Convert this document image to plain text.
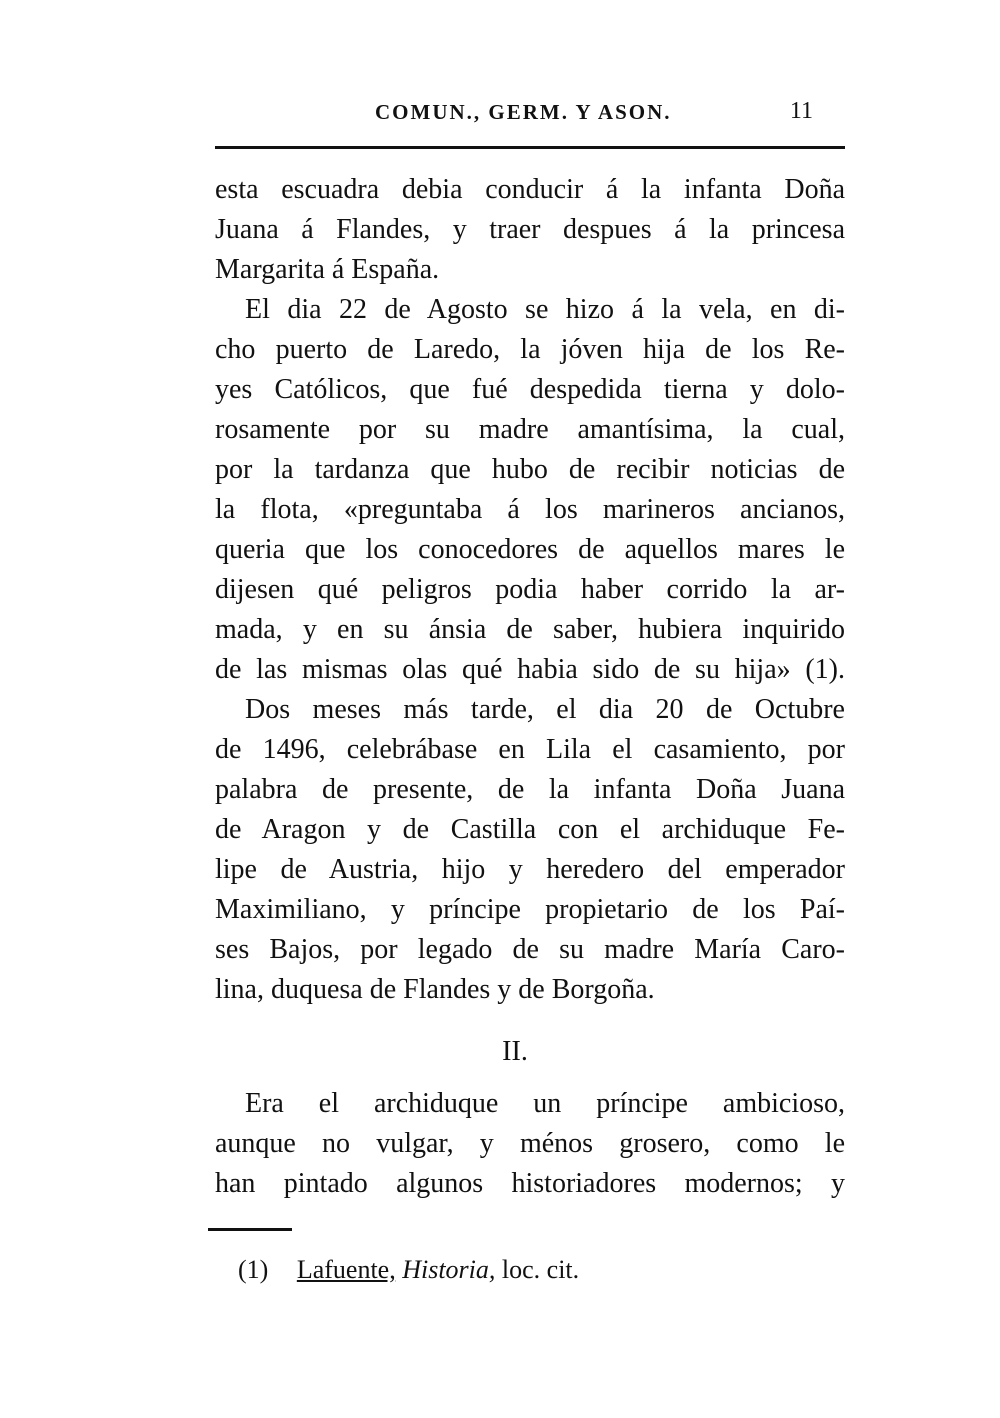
COMUN., GERM. Y ASON.	11
esta escuadra debia conducir á la infanta Doña
Juana á Flandes, y traer despues á la princesa
Margarita á España.
El dia 22 de Agosto se hizo á la vela, en di-
cho puerto de Laredo, la jóven hija de los Re-
yes Católicos, que fué despedida tierna y dolo-
rosamente por su madre amantísima, la cual,
por la tardanza que hubo de recibir noticias de
la flota, «preguntaba á los marineros ancianos,
queria que los conocedores de aquellos mares le
dijesen qué peligros podia haber corrido la ar-
mada, y en su ánsia de saber, hubiera inquirido
de las mismas olas qué habia sido de su hija» (1).
Dos meses más tarde, el dia 20 de Octubre
de 1496, celebrábase en Lila el casamiento, por
palabra de presente, de la infanta Doña Juana
de Aragon y de Castilla con el archiduque Fe-
lipe de Austria, hijo y heredero del emperador
Maximiliano, y príncipe propietario de los Paí-
ses Bajos, por legado de su madre María Caro-
lina, duquesa de Flandes y de Borgoña.
II.
Era el archiduque un príncipe ambicioso,
aunque no vulgar, y ménos grosero, como le
han pintado algunos historiadores modernos; y
(1) Lafuente, Historia, loc. cit.
